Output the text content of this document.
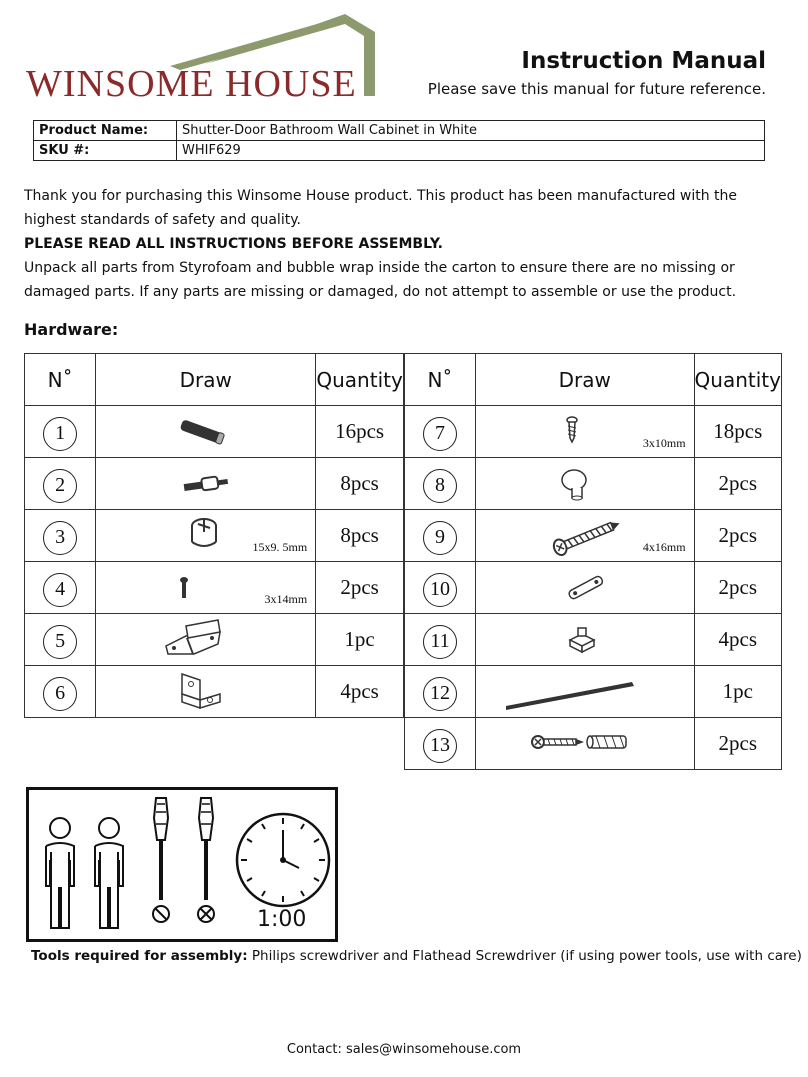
WINSOME HOUSE
Instruction Manual
Please save this manual for future reference.
Product Name:	Shutter-Door Bathroom Wall Cabinet in White
SKU #:	WHIF629
Thank you for purchasing this Winsome House product. This product has been manufactured with the highest standards of safety and quality.
PLEASE READ ALL INSTRUCTIONS BEFORE ASSEMBLY.
Unpack all parts from Styrofoam and bubble wrap inside the carton to ensure there are no missing or damaged parts. If any parts are missing or damaged, do not attempt to assemble or use the product.
Hardware:
N˚	Draw	Quantity
1		16pcs
2		8pcs
3	15x9. 5mm	8pcs
4	3x14mm	2pcs
5		1pc
6		4pcs
N˚	Draw	Quantity
7	3x10mm	18pcs
8		2pcs
9	4x16mm	2pcs
10		2pcs
11		4pcs
12		1pc
13		2pcs
1:00
Tools required for assembly: Philips screwdriver and Flathead Screwdriver (if using power tools, use with care)
Contact: sales@winsomehouse.com
